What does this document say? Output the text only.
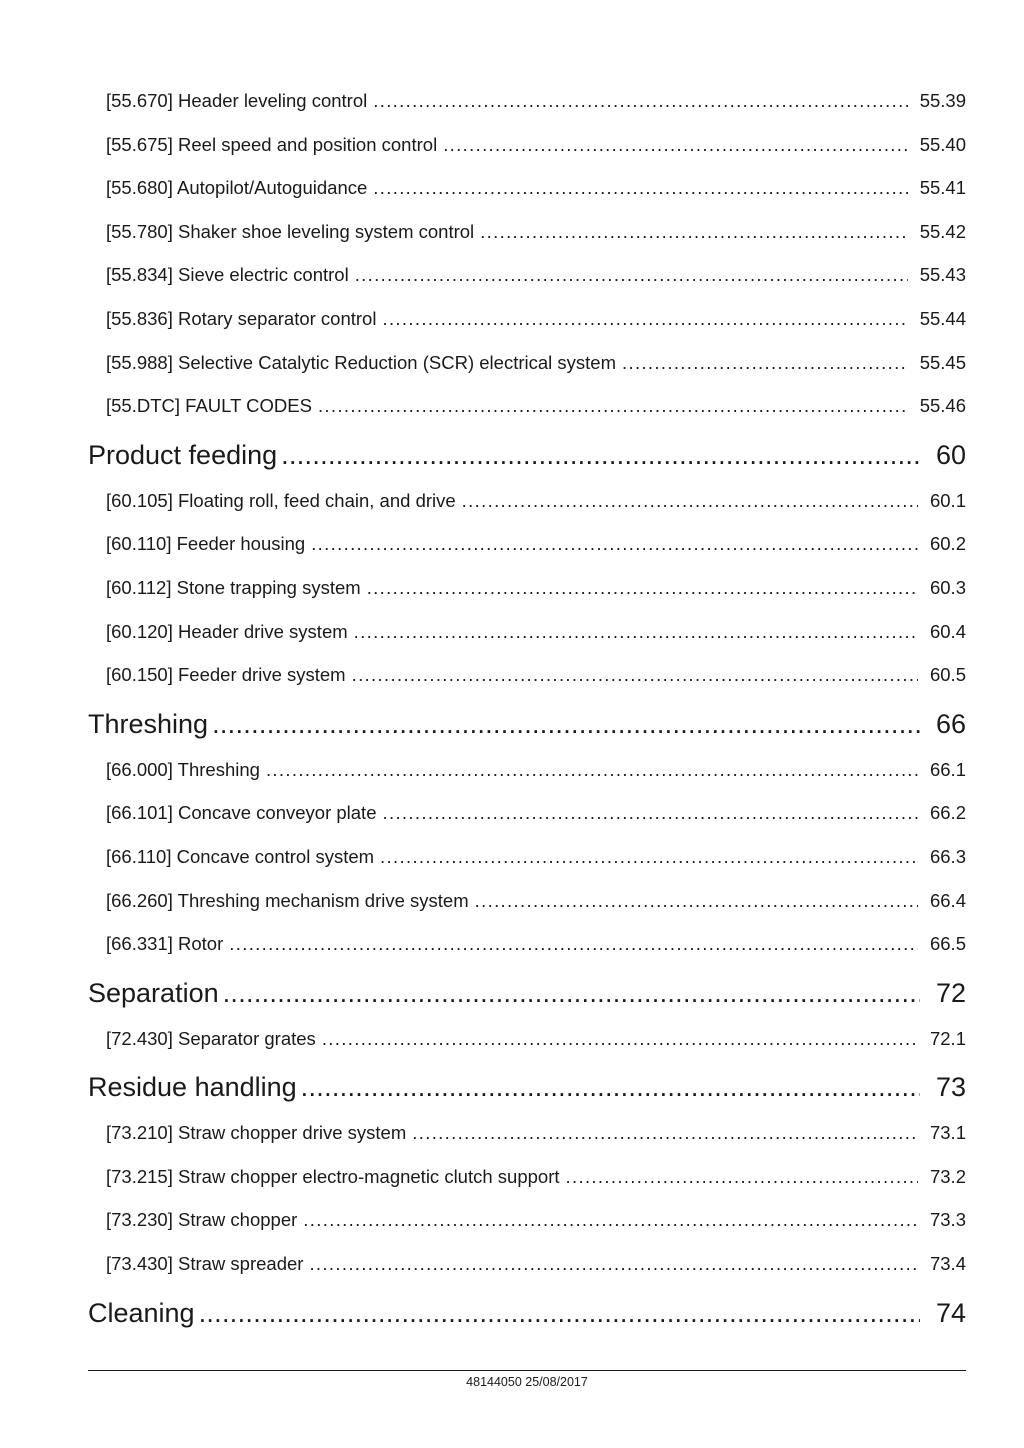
[55.670] Header leveling control . . .	55.39
[55.675] Reel speed and position control . . .	55.40
[55.680] Autopilot/Autoguidance . . .	55.41
[55.780] Shaker shoe leveling system control . . .	55.42
[55.834] Sieve electric control . . .	55.43
[55.836] Rotary separator control . . .	55.44
[55.988] Selective Catalytic Reduction (SCR) electrical system . . .	55.45
[55.DTC] FAULT CODES . . .	55.46
Product feeding . . .	60
[60.105] Floating roll, feed chain, and drive . . .	60.1
[60.110] Feeder housing . . .	60.2
[60.112] Stone trapping system . . .	60.3
[60.120] Header drive system . . .	60.4
[60.150] Feeder drive system . . .	60.5
Threshing . . .	66
[66.000] Threshing . . .	66.1
[66.101] Concave conveyor plate . . .	66.2
[66.110] Concave control system . . .	66.3
[66.260] Threshing mechanism drive system . . .	66.4
[66.331] Rotor . . .	66.5
Separation . . .	72
[72.430] Separator grates . . .	72.1
Residue handling . . .	73
[73.210] Straw chopper drive system . . .	73.1
[73.215] Straw chopper electro-magnetic clutch support . . .	73.2
[73.230] Straw chopper . . .	73.3
[73.430] Straw spreader . . .	73.4
Cleaning . . .	74
48144050 25/08/2017
